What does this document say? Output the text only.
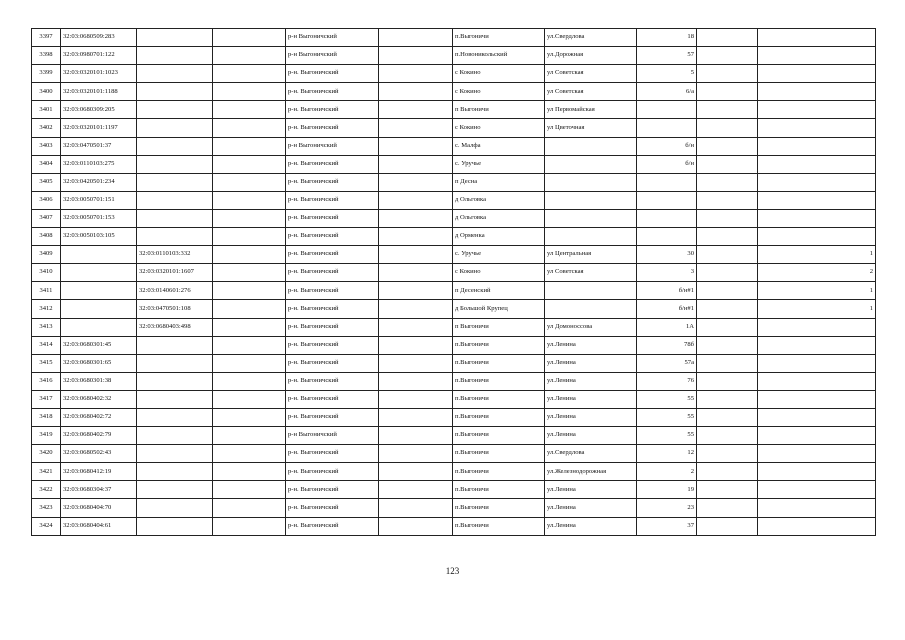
3397	32:03:0680509:283			р-н Выгоничский		п.Выгоничи	ул.Свердлова	18		
3398	32:03:0980701:122			р-н Выгоничский		п.Новоникольский	ул.Дорожная	57		
3399	32:03:0320101:1023			р-н. Выгоничский		с Кокино	ул Советская	5		
3400	32:03:0320101:1188			р-н. Выгоничский		с Кокино	ул Советская	6/а		
3401	32:03:0680309:205			р-н. Выгоничский		п Выгоничи	ул Первомайская			
3402	32:03:0320101:1197			р-н. Выгоничский		с Кокино	ул Цветочная			
3403	32:03:0470501:37			р-н Выгоничский		с. Малфа		б/н		
3404	32:03:0110103:275			р-н. Выгоничский		с. Уручье		б/н		
3405	32:03:0420501:234			р-н. Выгоничский		п Десна				
3406	32:03:0050701:151			р-н. Выгоничский		д Ольговка				
3407	32:03:0050701:153			р-н. Выгоничский		д Ольговка				
3408	32:03:0050103:105			р-н. Выгоничский		д Орменка				
3409		32:03:0110103:332		р-н. Выгоничский		с. Уручье	ул Центральная	30		1
3410		32:03:0320101:1607		р-н. Выгоничский		с Кокино	ул Советская	3		2
3411		32:03:0140601:276		р-н. Выгоничский		п Десенский		б/н#1		1
3412		32:03:0470501:108		р-н. Выгоничский		д Большой Крупец		б/н#1		1
3413		32:03:0680403:498		р-н. Выгоничский		п Выгоничи	ул Домоноссова	1А		
3414	32:03:0680301:45			р-н. Выгоничский		п.Выгоничи	ул.Ленина	78б		
3415	32:03:0680301:65			р-н. Выгоничский		п.Выгоничи	ул.Ленина	57а		
3416	32:03:0680301:38			р-н. Выгоничский		п.Выгоничи	ул.Ленина	76		
3417	32:03:0680402:32			р-н. Выгоничский		п.Выгоничи	ул.Ленина	55		
3418	32:03:0680402:72			р-н. Выгоничский		п.Выгоничи	ул.Ленина	55		
3419	32:03:0680402:79			р-н Выгоничский		п.Выгоничи	ул.Ленина	55		
3420	32:03:0680502:43			р-н. Выгоничский		п.Выгоничи	ул.Свердлова	12		
3421	32:03:0680412:19			р-н. Выгоничский		п.Выгоничи	ул.Железнодорожная	2		
3422	32:03:0680304:37			р-н. Выгоничский		п.Выгоничи	ул.Ленина	19		
3423	32:03:0680404:70			р-н. Выгоничский		п.Выгоничи	ул.Ленина	23		
3424	32:03:0680404:61			р-н. Выгоничский		п.Выгоничи	ул.Ленина	37		
123
